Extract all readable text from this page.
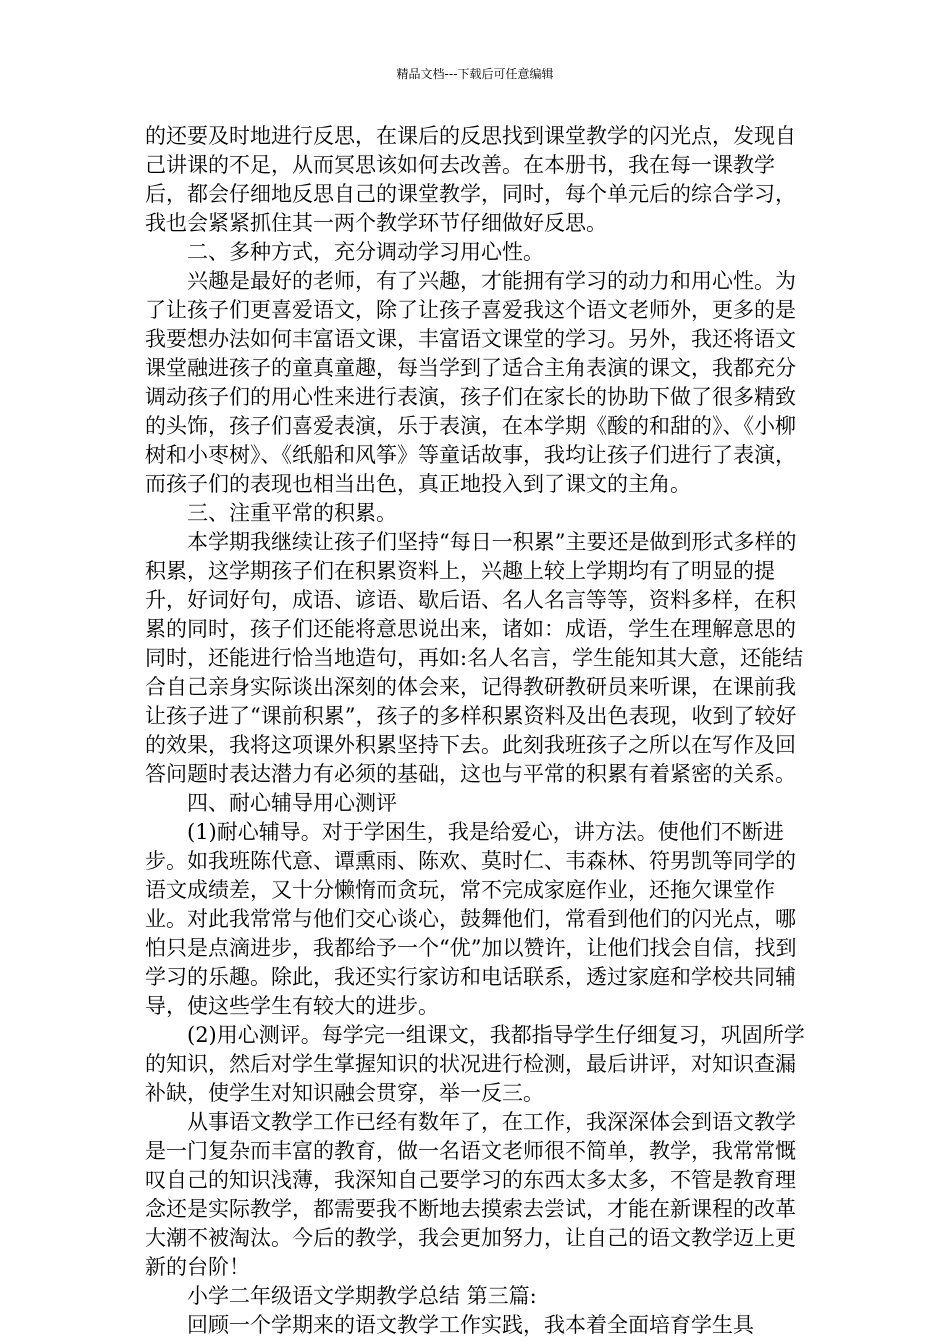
精品文档---下载后可任意编辑

的还要及时地进行反思，在课后的反思找到课堂教学的闪光点，发现自己讲课的不足，从而冥思该如何去改善。在本册书，我在每一课教学后，都会仔细地反思自己的课堂教学，同时，每个单元后的综合学习，我也会紧紧抓住其一两个教学环节仔细做好反思。

二、多种方式，充分调动学习用心性。

兴趣是最好的老师，有了兴趣，才能拥有学习的动力和用心性。为了让孩子们更喜爱语文，除了让孩子喜爱我这个语文老师外，更多的是我要想办法如何丰富语文课，丰富语文课堂的学习。另外，我还将语文课堂融进孩子的童真童趣，每当学到了适合主角表演的课文，我都充分调动孩子们的用心性来进行表演，孩子们在家长的协助下做了很多精致的头饰，孩子们喜爱表演，乐于表演，在本学期《酸的和甜的》、《小柳树和小枣树》、《纸船和风筝》等童话故事，我均让孩子们进行了表演，而孩子们的表现也相当出色，真正地投入到了课文的主角。

三、注重平常的积累。

本学期我继续让孩子们坚持“每日一积累”主要还是做到形式多样的积累，这学期孩子们在积累资料上，兴趣上较上学期均有了明显的提升，好词好句，成语、谚语、歇后语、名人名言等等，资料多样，在积累的同时，孩子们还能将意思说出来，诸如：成语，学生在理解意思的同时，还能进行恰当地造句，再如:名人名言，学生能知其大意，还能结合自己亲身实际谈出深刻的体会来，记得教研教研员来听课，在课前我让孩子进了“课前积累”，孩子的多样积累资料及出色表现，收到了较好的效果，我将这项课外积累坚持下去。此刻我班孩子之所以在写作及回答问题时表达潜力有必须的基础，这也与平常的积累有着紧密的关系。

四、耐心辅导用心测评

(1)耐心辅导。对于学困生，我是给爱心，讲方法。使他们不断进步。如我班陈代意、谭熏雨、陈欢、莫时仁、韦森林、符男凯等同学的语文成绩差，又十分懒惰而贪玩，常不完成家庭作业，还拖欠课堂作业。对此我常常与他们交心谈心，鼓舞他们，常看到他们的闪光点，哪怕只是点滴进步，我都给予一个“优”加以赞许，让他们找会自信，找到学习的乐趣。除此，我还实行家访和电话联系，透过家庭和学校共同辅导，使这些学生有较大的进步。

(2)用心测评。每学完一组课文，我都指导学生仔细复习，巩固所学的知识，然后对学生掌握知识的状况进行检测，最后讲评，对知识查漏补缺，使学生对知识融会贯穿，举一反三。

从事语文教学工作已经有数年了，在工作，我深深体会到语文教学是一门复杂而丰富的教育，做一名语文老师很不简单，教学，我常常慨叹自己的知识浅薄，我深知自己要学习的东西太多太多，不管是教育理念还是实际教学，都需要我不断地去摸索去尝试，才能在新课程的改革大潮不被淘汰。今后的教学，我会更加努力，让自己的语文教学迈上更新的台阶！

小学二年级语文学期教学总结 第三篇:

回顾一个学期来的语文教学工作实践，我本着全面培育学生具
